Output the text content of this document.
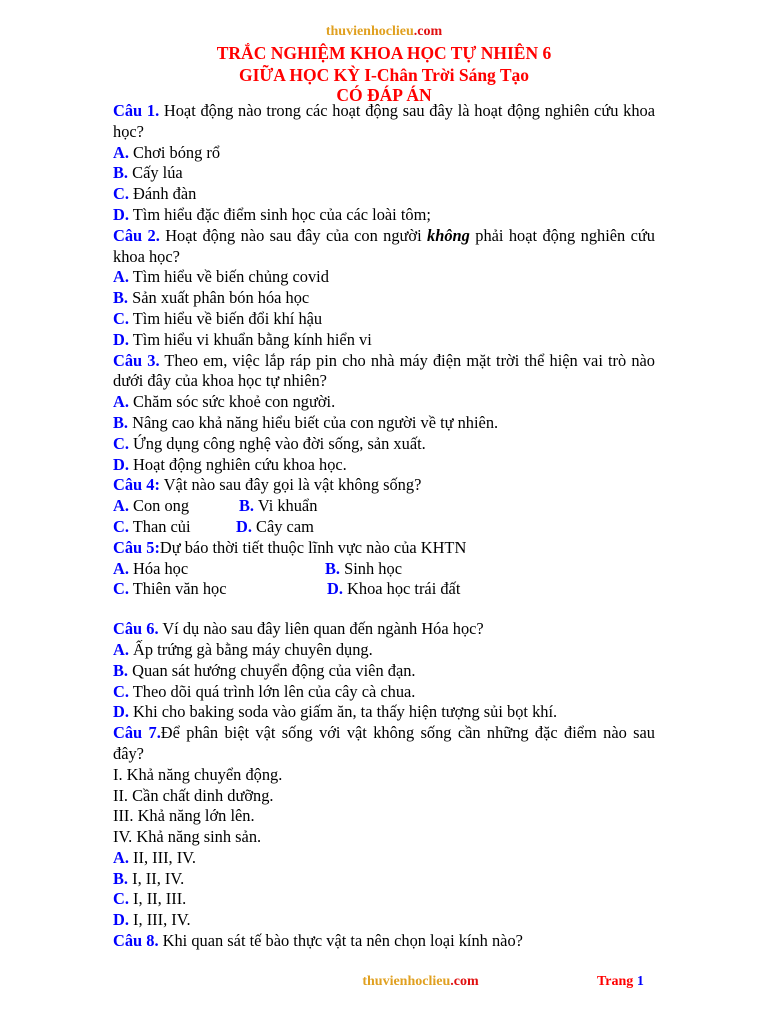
thuvienhoclieu.com
TRẮC NGHIỆM KHOA HỌC TỰ NHIÊN 6
GIỮA HỌC KỲ I-Chân Trời Sáng Tạo
CÓ ĐÁP ÁN
Câu 1. Hoạt động nào trong các hoạt động sau đây là hoạt động nghiên cứu khoa học?
A. Chơi bóng rổ
B. Cấy lúa
C. Đánh đàn
D. Tìm hiểu đặc điểm sinh học của các loài tôm;
Câu 2. Hoạt động nào sau đây của con người không phải hoạt động nghiên cứu khoa học?
A. Tìm hiểu về biến chủng covid
B. Sản xuất phân bón hóa học
C. Tìm hiểu về biến đổi khí hậu
D. Tìm hiểu vi khuẩn bằng kính hiển vi
Câu 3. Theo em, việc lắp ráp pin cho nhà máy điện mặt trời thể hiện vai trò nào dưới đây của khoa học tự nhiên?
A. Chăm sóc sức khoẻ con người.
B. Nâng cao khả năng hiểu biết của con người về tự nhiên.
C. Ứng dụng công nghệ vào đời sống, sản xuất.
D. Hoạt động nghiên cứu khoa học.
Câu 4: Vật nào sau đây gọi là vật không sống?
A. Con ong	B. Vi khuẩn
C. Than củi	D. Cây cam
Câu 5:Dự báo thời tiết thuộc lĩnh vực nào của KHTN
A. Hóa học	B. Sinh học
C. Thiên văn học	D. Khoa học trái đất
Câu 6. Ví dụ nào sau đây liên quan đến ngành Hóa học?
A. Ấp trứng gà bằng máy chuyên dụng.
B. Quan sát hướng chuyển động của viên đạn.
C. Theo dõi quá trình lớn lên của cây cà chua.
D. Khi cho baking soda vào giấm ăn, ta thấy hiện tượng sủi bọt khí.
Câu 7.Để phân biệt vật sống với vật không sống cần những đặc điểm nào sau đây?
I. Khả năng chuyển động.
II. Cần chất dinh dưỡng.
III. Khả năng lớn lên.
IV. Khả năng sinh sản.
A. II, III, IV.
B. I, II, IV.
C. I, II, III.
D. I, III, IV.
Câu 8. Khi quan sát tế bào thực vật ta nên chọn loại kính nào?
thuvienhoclieu.com	Trang 1
